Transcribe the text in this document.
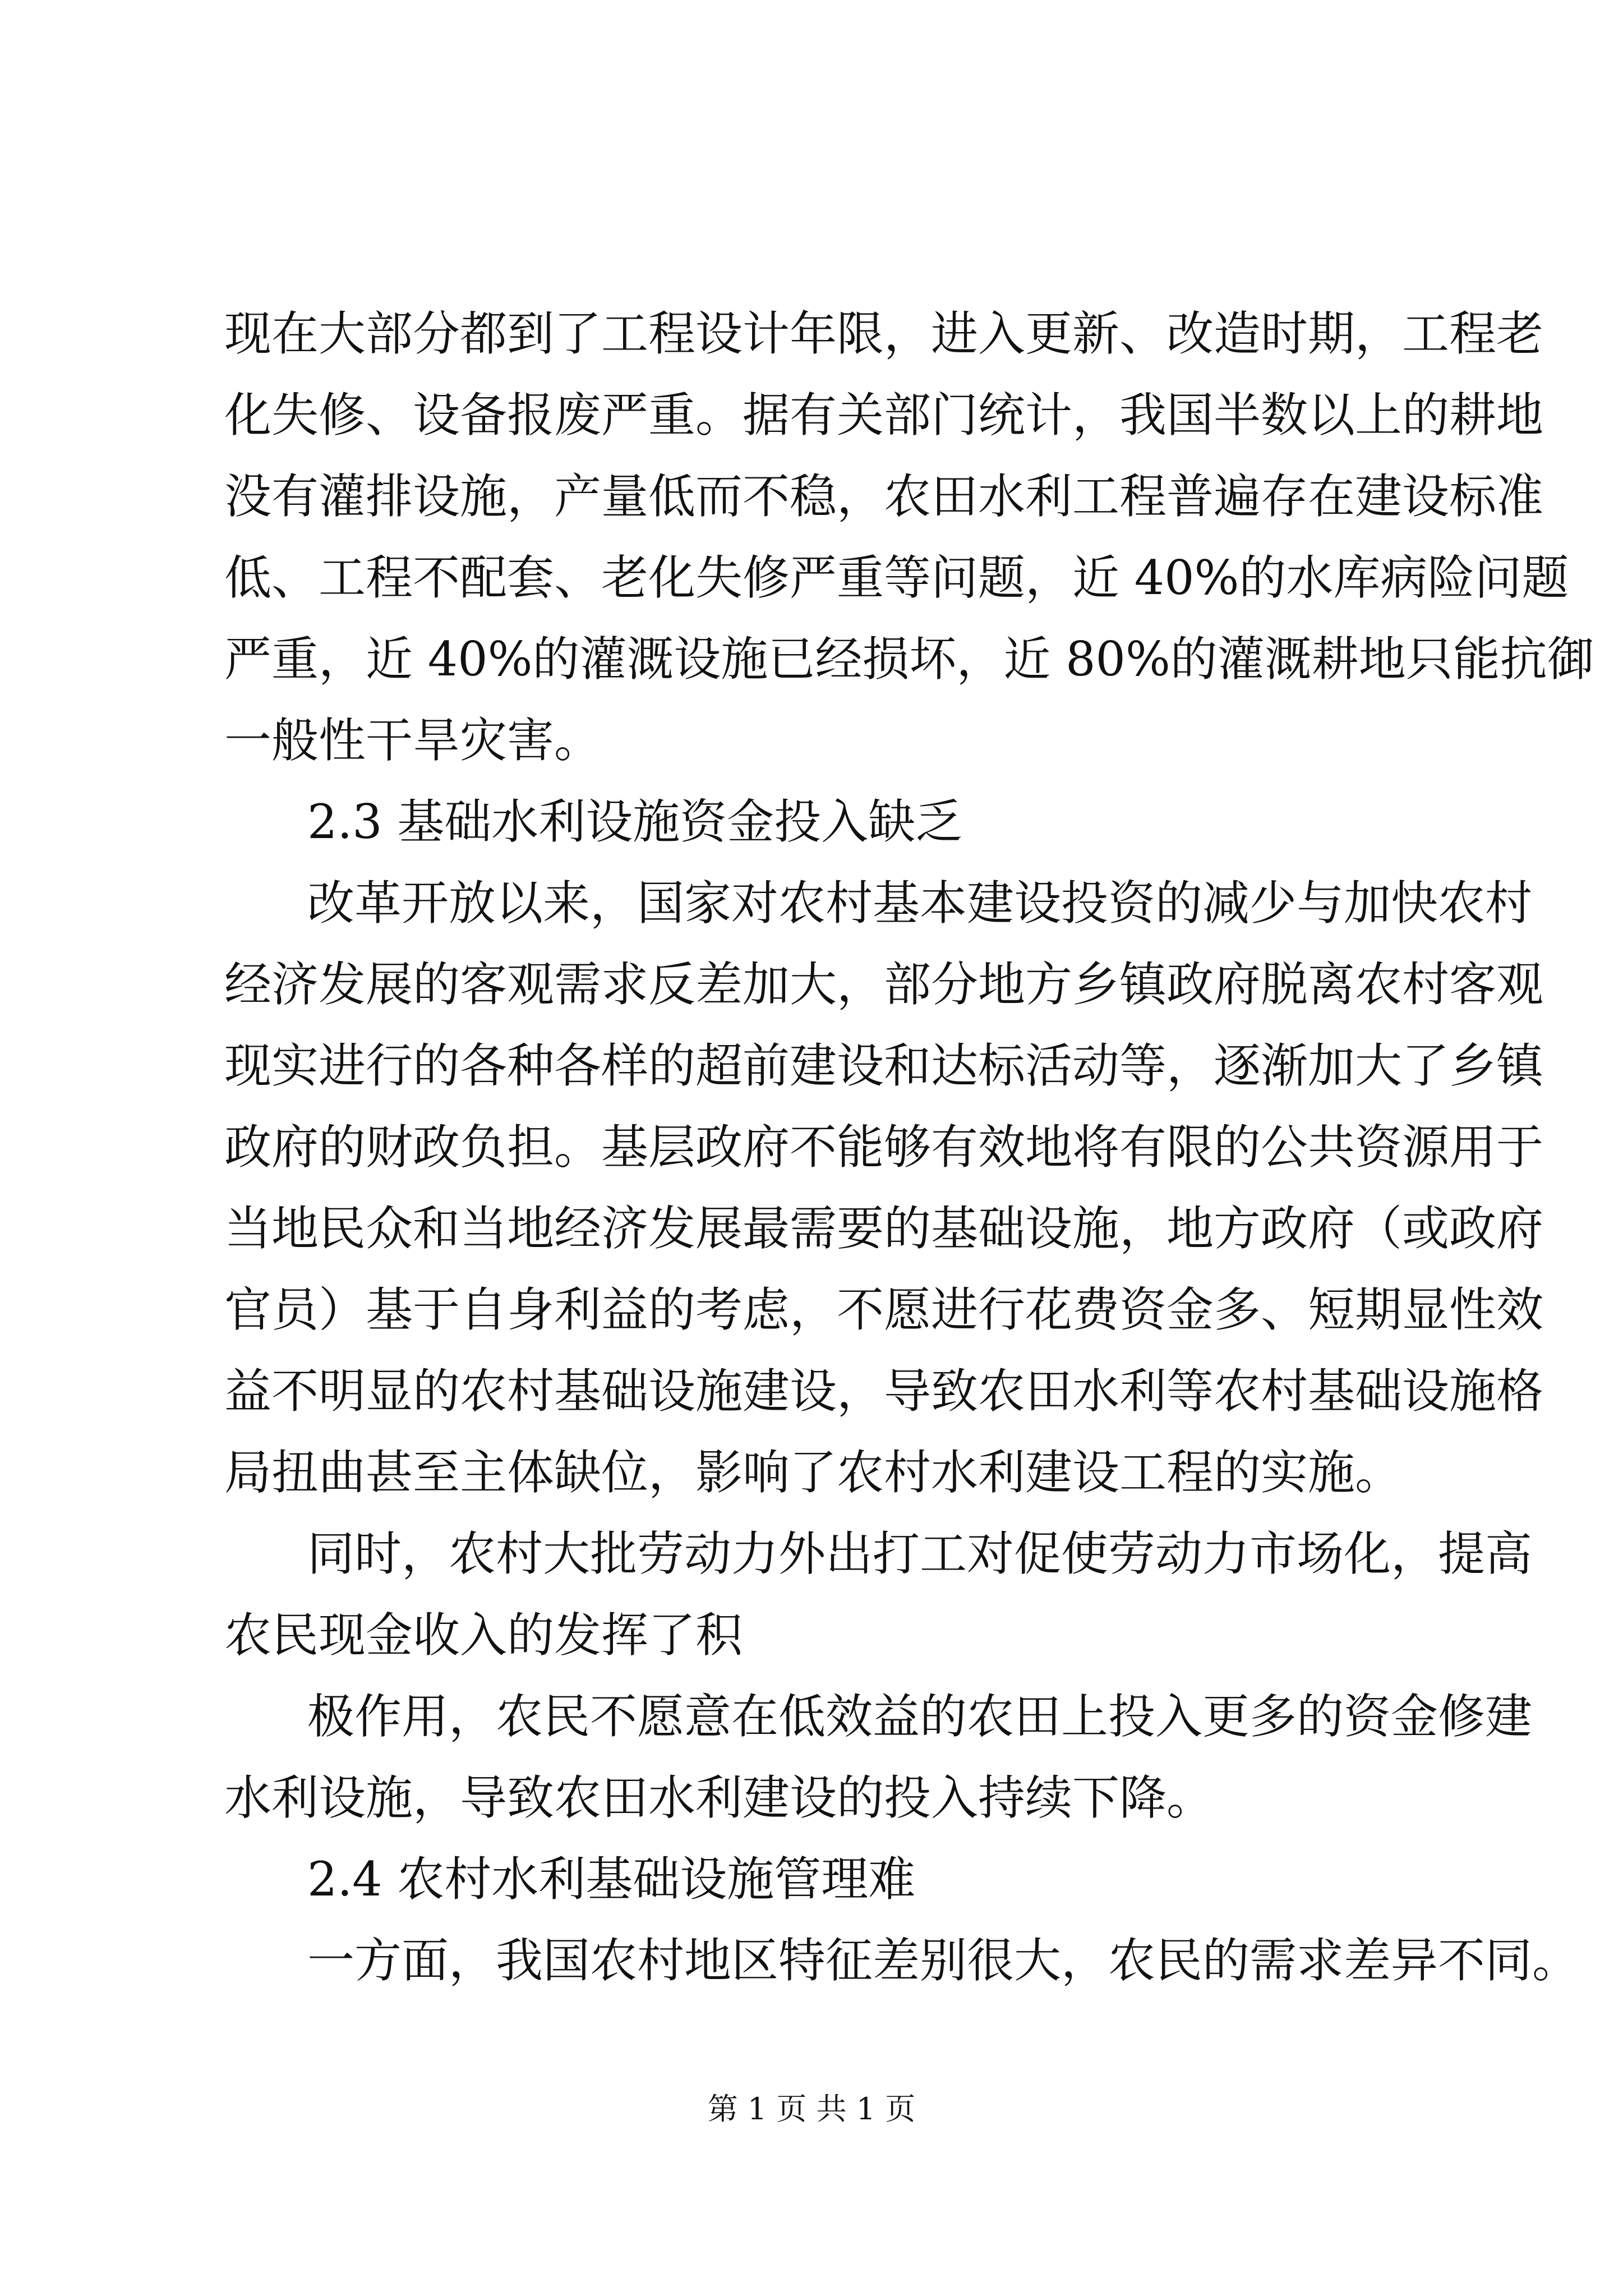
现在大部分都到了工程设计年限，进入更新、改造时期，工程老
化失修、设备报废严重。据有关部门统计，我国半数以上的耕地
没有灌排设施，产量低而不稳，农田水利工程普遍存在建设标准
低、工程不配套、老化失修严重等问题，近 40%的水库病险问题
严重，近 40%的灌溉设施已经损坏，近 80%的灌溉耕地只能抗御
一般性干旱灾害。
2.3 基础水利设施资金投入缺乏
改革开放以来，国家对农村基本建设投资的减少与加快农村
经济发展的客观需求反差加大，部分地方乡镇政府脱离农村客观
现实进行的各种各样的超前建设和达标活动等，逐渐加大了乡镇
政府的财政负担。基层政府不能够有效地将有限的公共资源用于
当地民众和当地经济发展最需要的基础设施，地方政府（或政府
官员）基于自身利益的考虑，不愿进行花费资金多、短期显性效
益不明显的农村基础设施建设，导致农田水利等农村基础设施格
局扭曲甚至主体缺位，影响了农村水利建设工程的实施。
同时，农村大批劳动力外出打工对促使劳动力市场化，提高
农民现金收入的发挥了积
极作用，农民不愿意在低效益的农田上投入更多的资金修建
水利设施，导致农田水利建设的投入持续下降。
2.4 农村水利基础设施管理难
一方面，我国农村地区特征差别很大，农民的需求差异不同。
第 1 页 共 1 页
